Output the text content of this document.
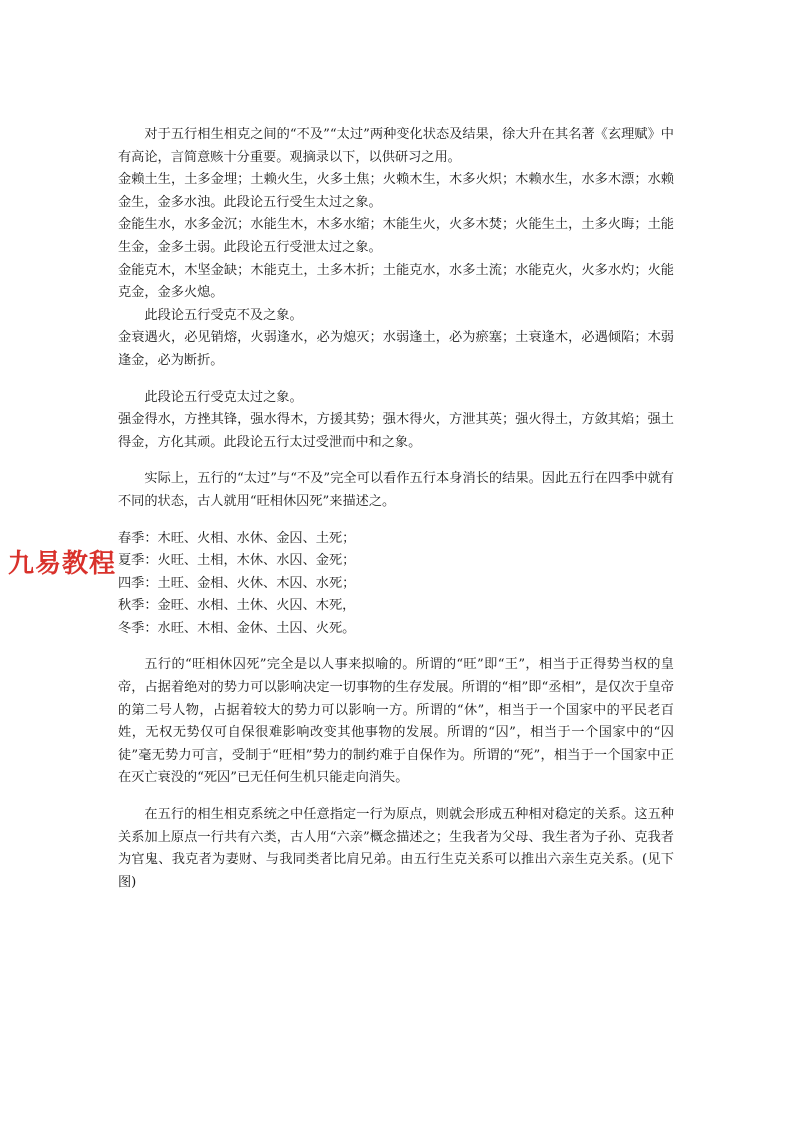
对于五行相生相克之间的“不及”“太过”两种变化状态及结果，徐大升在其名著《玄理赋》中有高论，言简意赅十分重要。观摘录以下，以供研习之用。

金赖土生，土多金埋；土赖火生，火多土焦；火赖木生，木多火炽；木赖水生，水多木漂；水赖金生，金多水浊。此段论五行受生太过之象。

金能生水，水多金沉；水能生木，木多水缩；木能生火，火多木焚；火能生土，土多火晦；土能生金，金多土弱。此段论五行受泄太过之象。

金能克木，木坚金缺；木能克土，土多木折；土能克水，水多土流；水能克火，火多水灼；火能克金，金多火熄。

此段论五行受克不及之象。

金衰遇火，必见销熔，火弱逢水，必为熄灭；水弱逢土，必为瘀塞；土衰逢木，必遇倾陷；木弱逢金，必为断折。

此段论五行受克太过之象。

强金得水，方挫其锋，强水得木，方援其势；强木得火，方泄其英；强火得土，方敛其焰；强土得金，方化其顽。此段论五行太过受泄而中和之象。

实际上，五行的“太过”与“不及”完全可以看作五行本身消长的结果。因此五行在四季中就有不同的状态，古人就用“旺相休囚死”来描述之。

春季：木旺、火相、水休、金囚、土死；

夏季：火旺、土相，木休、水囚、金死；

四季：土旺、金相、火休、木囚、水死；

秋季：金旺、水相、土休、火囚、木死，

冬季：水旺、木相、金休、土囚、火死。

五行的“旺相休囚死”完全是以人事来拟喻的。所谓的“旺”即“王”，相当于正得势当权的皇帝，占据着绝对的势力可以影响决定一切事物的生存发展。所谓的“相”即“丞相”，是仅次于皇帝的第二号人物，占据着较大的势力可以影响一方。所谓的“休”，相当于一个国家中的平民老百姓，无权无势仅可自保很难影响改变其他事物的发展。所谓的“囚”，相当于一个国家中的“囚徒”毫无势力可言，受制于“旺相”势力的制约难于自保作为。所谓的“死”，相当于一个国家中正在灭亡衰没的“死囚”已无任何生机只能走向消失。

在五行的相生相克系统之中任意指定一行为原点，则就会形成五种相对稳定的关系。这五种关系加上原点一行共有六类，古人用“六亲”概念描述之；生我者为父母、我生者为子孙、克我者为官鬼、我克者为妻财、与我同类者比肩兄弟。由五行生克关系可以推出六亲生克关系。(见下图)

九易教程
